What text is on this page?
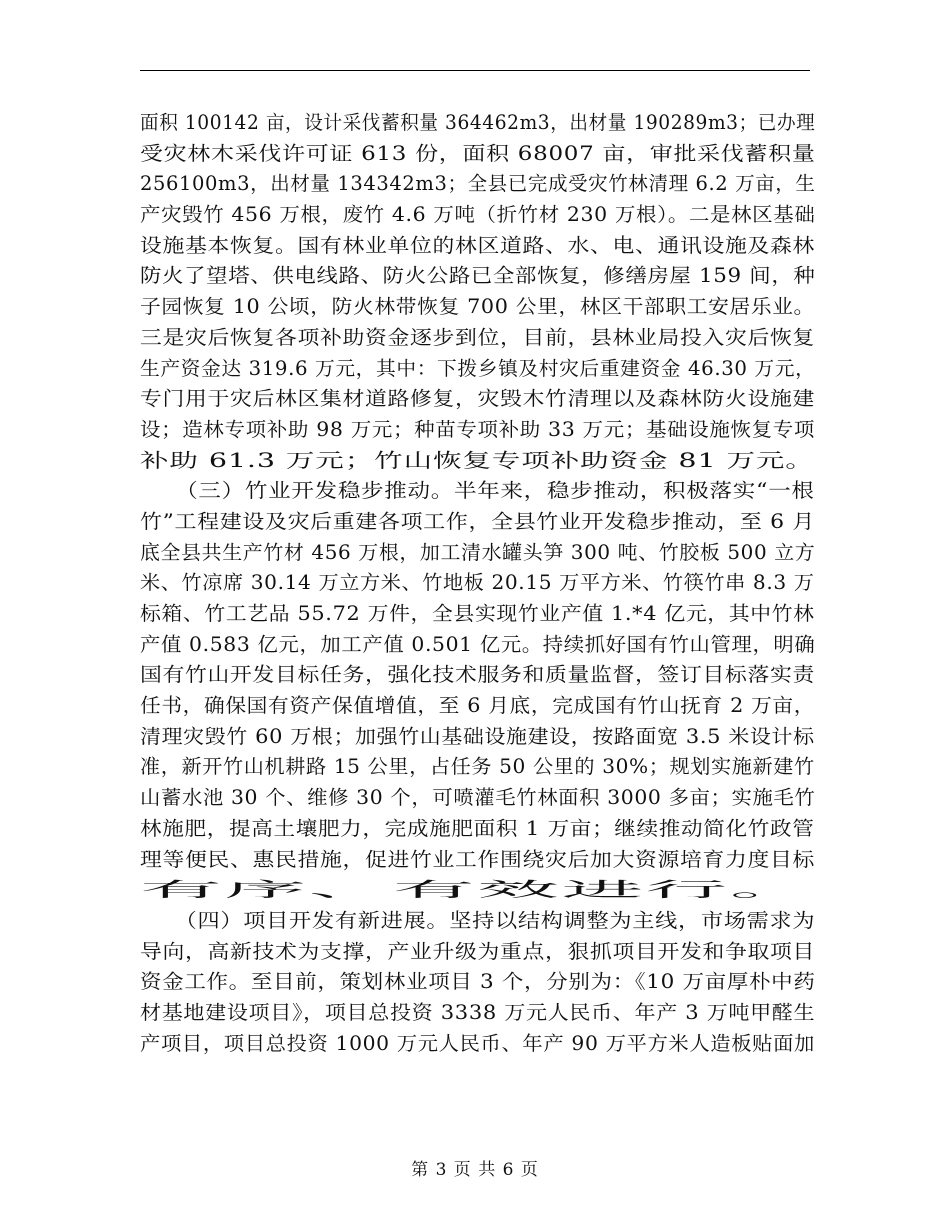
面积 100142 亩，设计采伐蓄积量 364462m3，出材量 190289m3；已办理
受灾林木采伐许可证 613 份，面积 68007 亩，审批采伐蓄积量
256100m3，出材量 134342m3；全县已完成受灾竹林清理 6.2 万亩，生
产灾毁竹 456 万根，废竹 4.6 万吨（折竹材 230 万根）。二是林区基础
设施基本恢复。国有林业单位的林区道路、水、电、通讯设施及森林
防火了望塔、供电线路、防火公路已全部恢复，修缮房屋 159 间，种
子园恢复 10 公顷，防火林带恢复 700 公里，林区干部职工安居乐业。
三是灾后恢复各项补助资金逐步到位，目前，县林业局投入灾后恢复
生产资金达 319.6 万元，其中：下拨乡镇及村灾后重建资金 46.30 万元，
专门用于灾后林区集材道路修复，灾毁木竹清理以及森林防火设施建
设；造林专项补助 98 万元；种苗专项补助 33 万元；基础设施恢复专项
补助 61.3 万元；竹山恢复专项补助资金 81 万元。
　　（三）竹业开发稳步推动。半年来，稳步推动，积极落实“一根
竹”工程建设及灾后重建各项工作，全县竹业开发稳步推动，至 6 月
底全县共生产竹材 456 万根，加工清水罐头笋 300 吨、竹胶板 500 立方
米、竹凉席 30.14 万立方米、竹地板 20.15 万平方米、竹筷竹串 8.3 万
标箱、竹工艺品 55.72 万件，全县实现竹业产值 1.*4 亿元，其中竹林
产值 0.583 亿元，加工产值 0.501 亿元。持续抓好国有竹山管理，明确
国有竹山开发目标任务，强化技术服务和质量监督，签订目标落实责
任书，确保国有资产保值增值，至 6 月底，完成国有竹山抚育 2 万亩，
清理灾毁竹 60 万根；加强竹山基础设施建设，按路面宽 3.5 米设计标
准，新开竹山机耕路 15 公里，占任务 50 公里的 30%；规划实施新建竹
山蓄水池 30 个、维修 30 个，可喷灌毛竹林面积 3000 多亩；实施毛竹
林施肥，提高土壤肥力，完成施肥面积 1 万亩；继续推动简化竹政管
理等便民、惠民措施，促进竹业工作围绕灾后加大资源培育力度目标
有序、有效进行。
　　（四）项目开发有新进展。坚持以结构调整为主线，市场需求为
导向，高新技术为支撑，产业升级为重点，狠抓项目开发和争取项目
资金工作。至目前，策划林业项目 3 个，分别为：《10 万亩厚朴中药
材基地建设项目》，项目总投资 3338 万元人民币、年产 3 万吨甲醛生
产项目，项目总投资 1000 万元人民币、年产 90 万平方米人造板贴面加
第 3 页 共 6 页
